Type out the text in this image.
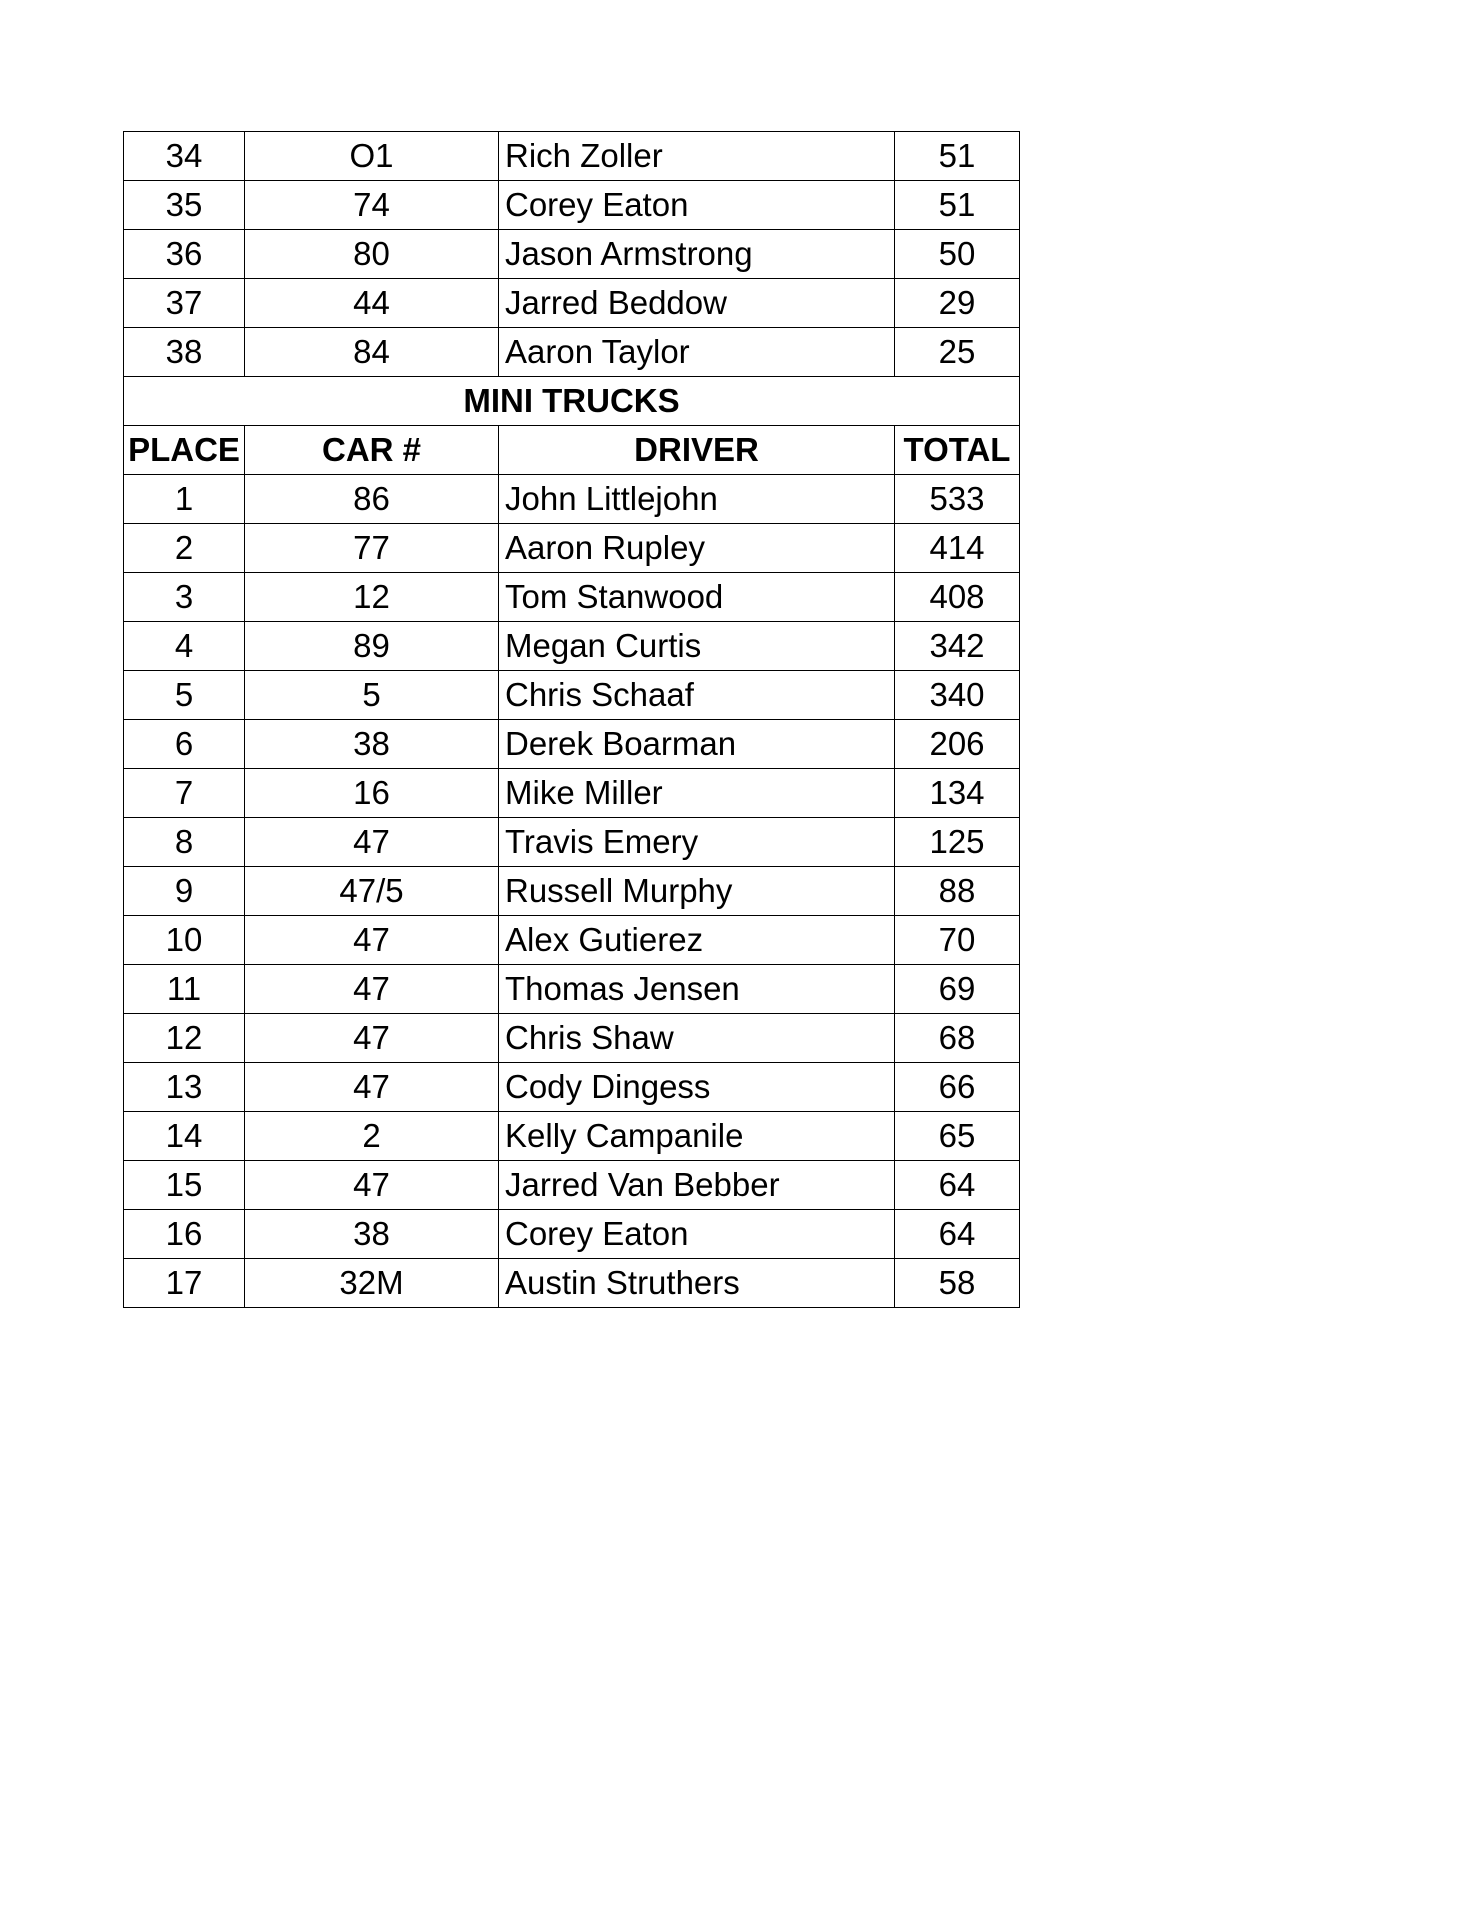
34	O1	Rich Zoller	51
35	74	Corey Eaton	51
36	80	Jason Armstrong	50
37	44	Jarred Beddow	29
38	84	Aaron Taylor	25
MINI TRUCKS			
PLACE	CAR #	DRIVER	TOTAL
1	86	John Littlejohn	533
2	77	Aaron Rupley	414
3	12	Tom Stanwood	408
4	89	Megan Curtis	342
5	5	Chris Schaaf	340
6	38	Derek Boarman	206
7	16	Mike Miller	134
8	47	Travis Emery	125
9	47/5	Russell Murphy	88
10	47	Alex Gutierez	70
11	47	Thomas Jensen	69
12	47	Chris Shaw	68
13	47	Cody Dingess	66
14	2	Kelly Campanile	65
15	47	Jarred Van Bebber	64
16	38	Corey Eaton	64
17	32M	Austin Struthers	58
